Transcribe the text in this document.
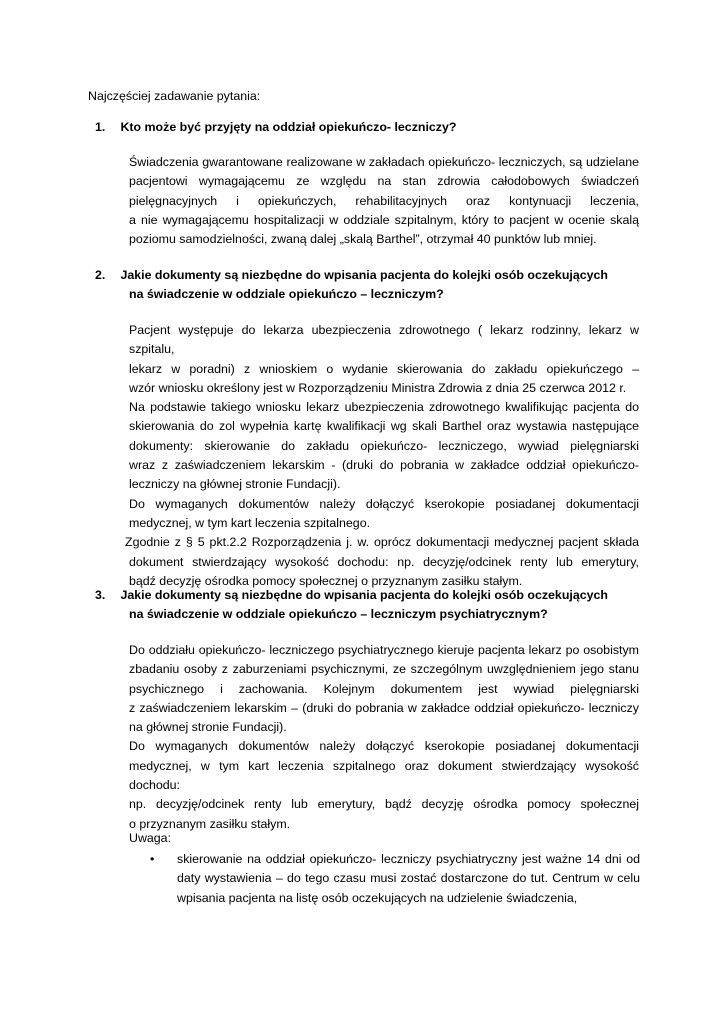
Najczęściej zadawanie pytania:
1. Kto może być przyjęty na oddział opiekuńczo- leczniczy?

Świadczenia gwarantowane realizowane w zakładach opiekuńczo- leczniczych, są udzielane

pacjentowi wymagającemu ze względu na stan zdrowia całodobowych świadczeń

pielęgnacyjnych i opiekuńczych, rehabilitacyjnych oraz kontynuacji leczenia,

a nie wymagającemu hospitalizacji w oddziale szpitalnym, który to pacjent w ocenie skalą

poziomu samodzielności, zwaną dalej „skalą Barthel”, otrzymał 40 punktów lub mniej.

2. Jakie dokumenty są niezbędne do wpisania pacjenta do kolejki osób oczekujących
na świadczenie w oddziale opiekuńczo – leczniczym?

Pacjent występuje do lekarza ubezpieczenia zdrowotnego ( lekarz rodzinny, lekarz w szpitalu,

lekarz w poradni) z wnioskiem o wydanie skierowania do zakładu opiekuńczego –

wzór wniosku określony jest w Rozporządzeniu Ministra Zdrowia z dnia 25 czerwca 2012 r.

Na podstawie takiego wniosku lekarz ubezpieczenia zdrowotnego kwalifikując pacjenta do

skierowania do zol wypełnia kartę kwalifikacji wg skali Barthel oraz wystawia następujące

dokumenty: skierowanie do zakładu opiekuńczo- leczniczego, wywiad pielęgniarski

wraz z zaświadczeniem lekarskim - (druki do pobrania w zakładce oddział opiekuńczo-

leczniczy na głównej stronie Fundacji).

Do wymaganych dokumentów należy dołączyć kserokopie posiadanej dokumentacji

medycznej, w tym kart leczenia szpitalnego.

Zgodnie z § 5 pkt.2.2 Rozporządzenia j. w. oprócz dokumentacji medycznej pacjent składa

dokument stwierdzający wysokość dochodu: np. decyzję/odcinek renty lub emerytury,

bądź decyzję ośrodka pomocy społecznej o przyznanym zasiłku stałym.

3. Jakie dokumenty są niezbędne do wpisania pacjenta do kolejki osób oczekujących
na świadczenie w oddziale opiekuńczo – leczniczym psychiatrycznym?

Do oddziału opiekuńczo- leczniczego psychiatrycznego kieruje pacjenta lekarz po osobistym

zbadaniu osoby z zaburzeniami psychicznymi, ze szczególnym uwzględnieniem jego stanu

psychicznego i zachowania. Kolejnym dokumentem jest wywiad pielęgniarski

z zaświadczeniem lekarskim – (druki do pobrania w zakładce oddział opiekuńczo- leczniczy

na głównej stronie Fundacji).

Do wymaganych dokumentów należy dołączyć kserokopie posiadanej dokumentacji

medycznej, w tym kart leczenia szpitalnego oraz dokument stwierdzający wysokość dochodu:

np. decyzję/odcinek renty lub emerytury, bądź decyzję ośrodka pomocy społecznej

o przyznanym zasiłku stałym.

Uwaga:
• skierowanie na oddział opiekuńczo- leczniczy psychiatryczny jest ważne 14 dni od

daty wystawienia – do tego czasu musi zostać dostarczone do tut. Centrum w celu

wpisania pacjenta na listę osób oczekujących na udzielenie świadczenia,
